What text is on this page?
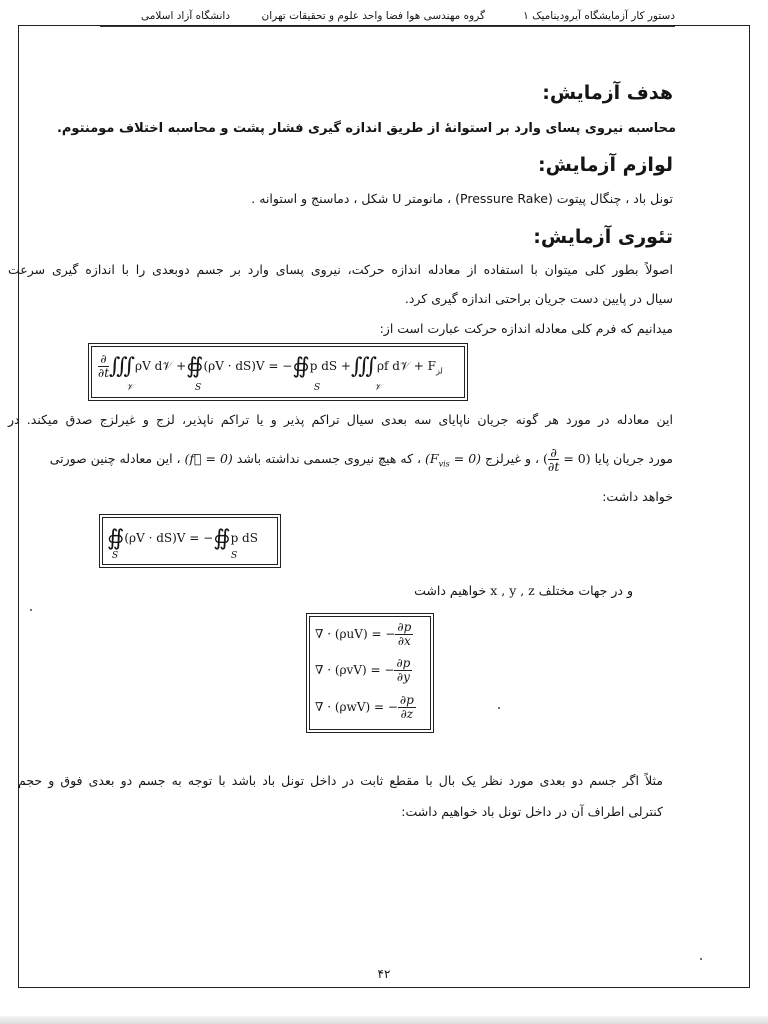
دستور کار آزمایشگاه آیرودینامیک ۱
گروه مهندسی هوا فضا واحد علوم و تحقیقات تهران
دانشگاه آزاد اسلامی
هدف آزمایش:
محاسبه نیروی پسای وارد بر استوانهٔ از طریق اندازه گیری فشار پشت و محاسبه اختلاف مومنتوم.
لوازم آزمایش:
تونل باد ، چنگال پیتوت (Pressure Rake) ، مانومتر U شکل ، دماسنج و استوانه .
تئوری آزمایش:
اصولاً بطور کلی میتوان با استفاده از معادله اندازه حرکت، نیروی پسای وارد بر جسم دوبعدی را با اندازه گیری سرعت
سیال در پایین دست جریان براحتی اندازه گیری کرد.
میدانیم که فرم کلی معادله اندازه حرکت عبارت است از:
$\frac{\partial}{\partial t}$ ∭ρV d𝒱 +∯(ρV · dS)V = −∯p dS +∭ρf d𝒱 + $F_{لز}$
𝒱	S	S	𝒱
این معادله در مورد هر گونه جریان ناپایای سه بعدی سیال تراکم پذیر و یا تراکم ناپذیر، لزج و غیرلزج صدق میکند. در
مورد جریان پایا ( $\frac{\partial}{\partial t} = 0$) ، و غیرلزج $(F_{vis} = 0)$ ، که هیچ نیروی جسمی نداشته باشد (f⃗ = 0) ، این معادله چنین صورتی
خواهد داشت:
∯(ρV · dS)V = −∯p dS
S	S
و در جهات مختلف x , y , z خواهیم داشت
∇ · (ρuV) = − $\frac{\partial p}{\partial x}$
∇ · (ρvV) = − $\frac{\partial p}{\partial y}$
∇ · (ρwV) = − $\frac{\partial p}{\partial z}$
مثلاً اگر جسم دو بعدی مورد نظر یک بال با مقطع ثابت در داخل تونل باد باشد با توجه به جسم دو بعدی فوق و حجم
کنترلی اطراف آن در داخل تونل باد خواهیم داشت:
۴۲
